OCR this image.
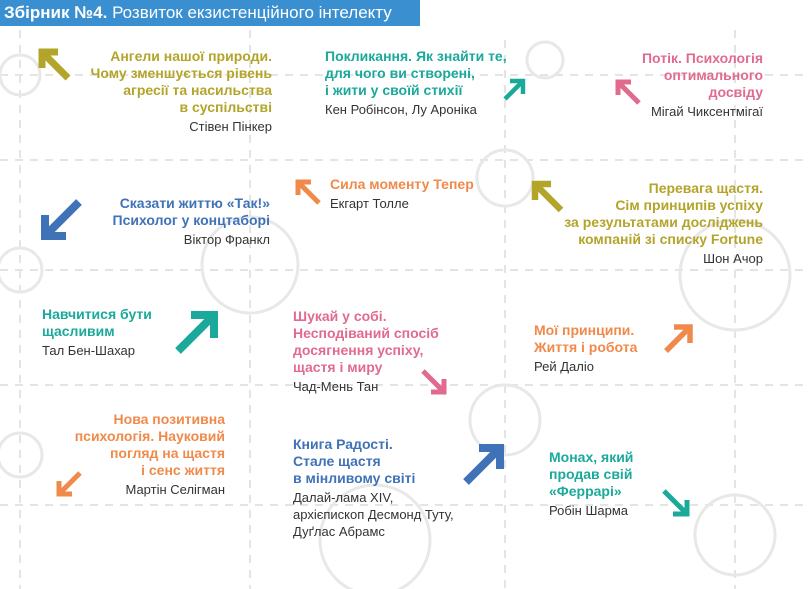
Збірник №4. Розвиток екзистенційного інтелекту
Ангели нашої природи.
Чому зменшується рівень
агресії та насильства
в суспільстві
Стівен Пінкер
Покликання. Як знайти те,
для чого ви створені,
і жити у своїй стихії
Кен Робінсон, Лу Аронiка
Потік. Психологія
оптимального
досвіду
Мігай Чиксентмігаї
Сказати життю «Так!»
Психолог у концтаборі
Віктор Франкл
Сила моменту Тепер
Екгарт Толле
Перевага щастя.
Сім принципів успіху
за результатами досліджень
компаній зі списку Fortune
Шон Ачор
Навчитися бути
щасливим
Тал Бен-Шахар
Шукай у собі.
Несподіваний спосіб
досягнення успіху,
щастя і миру
Чад-Мень Тан
Мої принципи.
Життя і робота
Рей Даліо
Нова позитивна
психологія. Науковий
погляд на щастя
і сенс життя
Мартін Селігман
Книга Радості.
Стале щастя
в мінливому світі
Далай-лама XIV,
архієпископ Десмонд Туту,
Дуґлас Абрамс
Монах, який
продав свій
«Феррарі»
Робін Шарма
